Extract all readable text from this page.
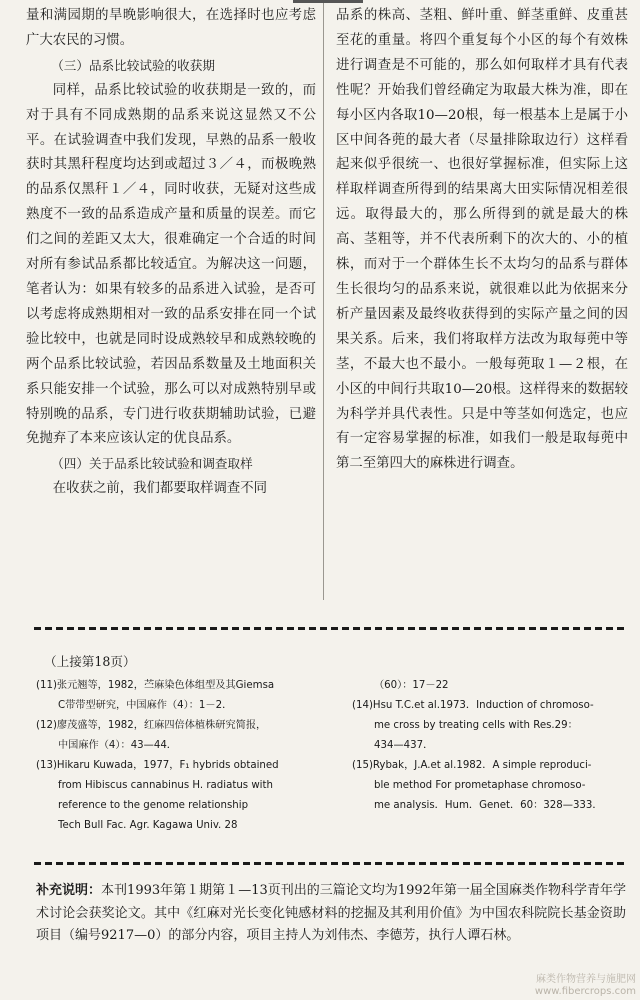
量和满园期的旱晚影响很大，在选择时也应考虑广大农民的习惯。

（三）品系比较试验的收获期

同样，品系比较试验的收获期是一致的，而对于具有不同成熟期的品系来说这显然又不公平。在试验调查中我们发现，早熟的品系一般收获时其黑秆程度均达到或超过３／４，而极晚熟的品系仅黑秆１／４，同时收获，无疑对这些成熟度不一致的品系造成产量和质量的误差。而它们之间的差距又太大，很难确定一个合适的时间对所有参试品系都比较适宜。为解决这一问题，笔者认为：如果有较多的品系进入试验，是否可以考虑将成熟期相对一致的品系安排在同一个试验比较中，也就是同时设成熟较早和成熟较晚的两个品系比较试验，若因品系数量及土地面积关系只能安排一个试验，那么可以对成熟特别早或特别晚的品系，专门进行收获期辅助试验，已避免抛弃了本来应该认定的优良品系。

（四）关于品系比较试验和调查取样

在收获之前，我们都要取样调查不同

品系的株高、茎粗、鲜叶重、鲜茎重鲜、皮重甚至花的重量。将四个重复每个小区的每个有效株进行调查是不可能的，那么如何取样才具有代表性呢？开始我们曾经确定为取最大株为准，即在每小区内各取10—20根，每一根基本上是属于小区中间各蔸的最大者（尽量排除取边行）这样看起来似乎很统一、也很好掌握标准，但实际上这样取样调查所得到的结果离大田实际情况相差很远。取得最大的，那么所得到的就是最大的株高、茎粗等，并不代表所剩下的次大的、小的植株，而对于一个群体生长不太均匀的品系与群体生长很均匀的品系来说，就很难以此为依据来分析产量因素及最终收获得到的实际产量之间的因果关系。后来，我们将取样方法改为取每蔸中等茎，不最大也不最小。一般每蔸取１—２根，在小区的中间行共取10—20根。这样得来的数据较为科学并具代表性。只是中等茎如何选定，也应有一定容易掌握的标准，如我们一般是取每蔸中第二至第四大的麻株进行调查。

（上接第18页）

(11)张元翘等，1982，苎麻染色体组型及其Giemsa

C带带型研究，中国麻作（4）：1－2．

(12)廖茂盛等，1982，红麻四倍体植株研究简报，

中国麻作（4）：43—44．

(13)Hikaru Kuwada，1977，F₁ hybrids obtained

from Hibiscus cannabinus H. radiatus with

reference to the genome relationship

Tech Bull Fac. Agr. Kagawa Univ. 28

（60）：17－22

(14)Hsu T.C.et al.1973．Induction of chromoso-

me cross by treating cells with Res.29：

434—437．

(15)Rybak，J.A.et al.1982．A simple reproduci-

ble method For prometaphase chromoso-

me analysis．Hum．Genet．60：328—333．

补充说明：本刊1993年第１期第１—13页刊出的三篇论文均为1992年第一届全国麻类作物科学青年学术讨论会获奖论文。其中《红麻对光长变化钝感材料的挖掘及其利用价值》为中国农科院院长基金资助项目（编号9217—0）的部分内容，项目主持人为刘伟杰、李德芳，执行人谭石林。
麻类作物营养与施肥网
www.fibercrops.com
